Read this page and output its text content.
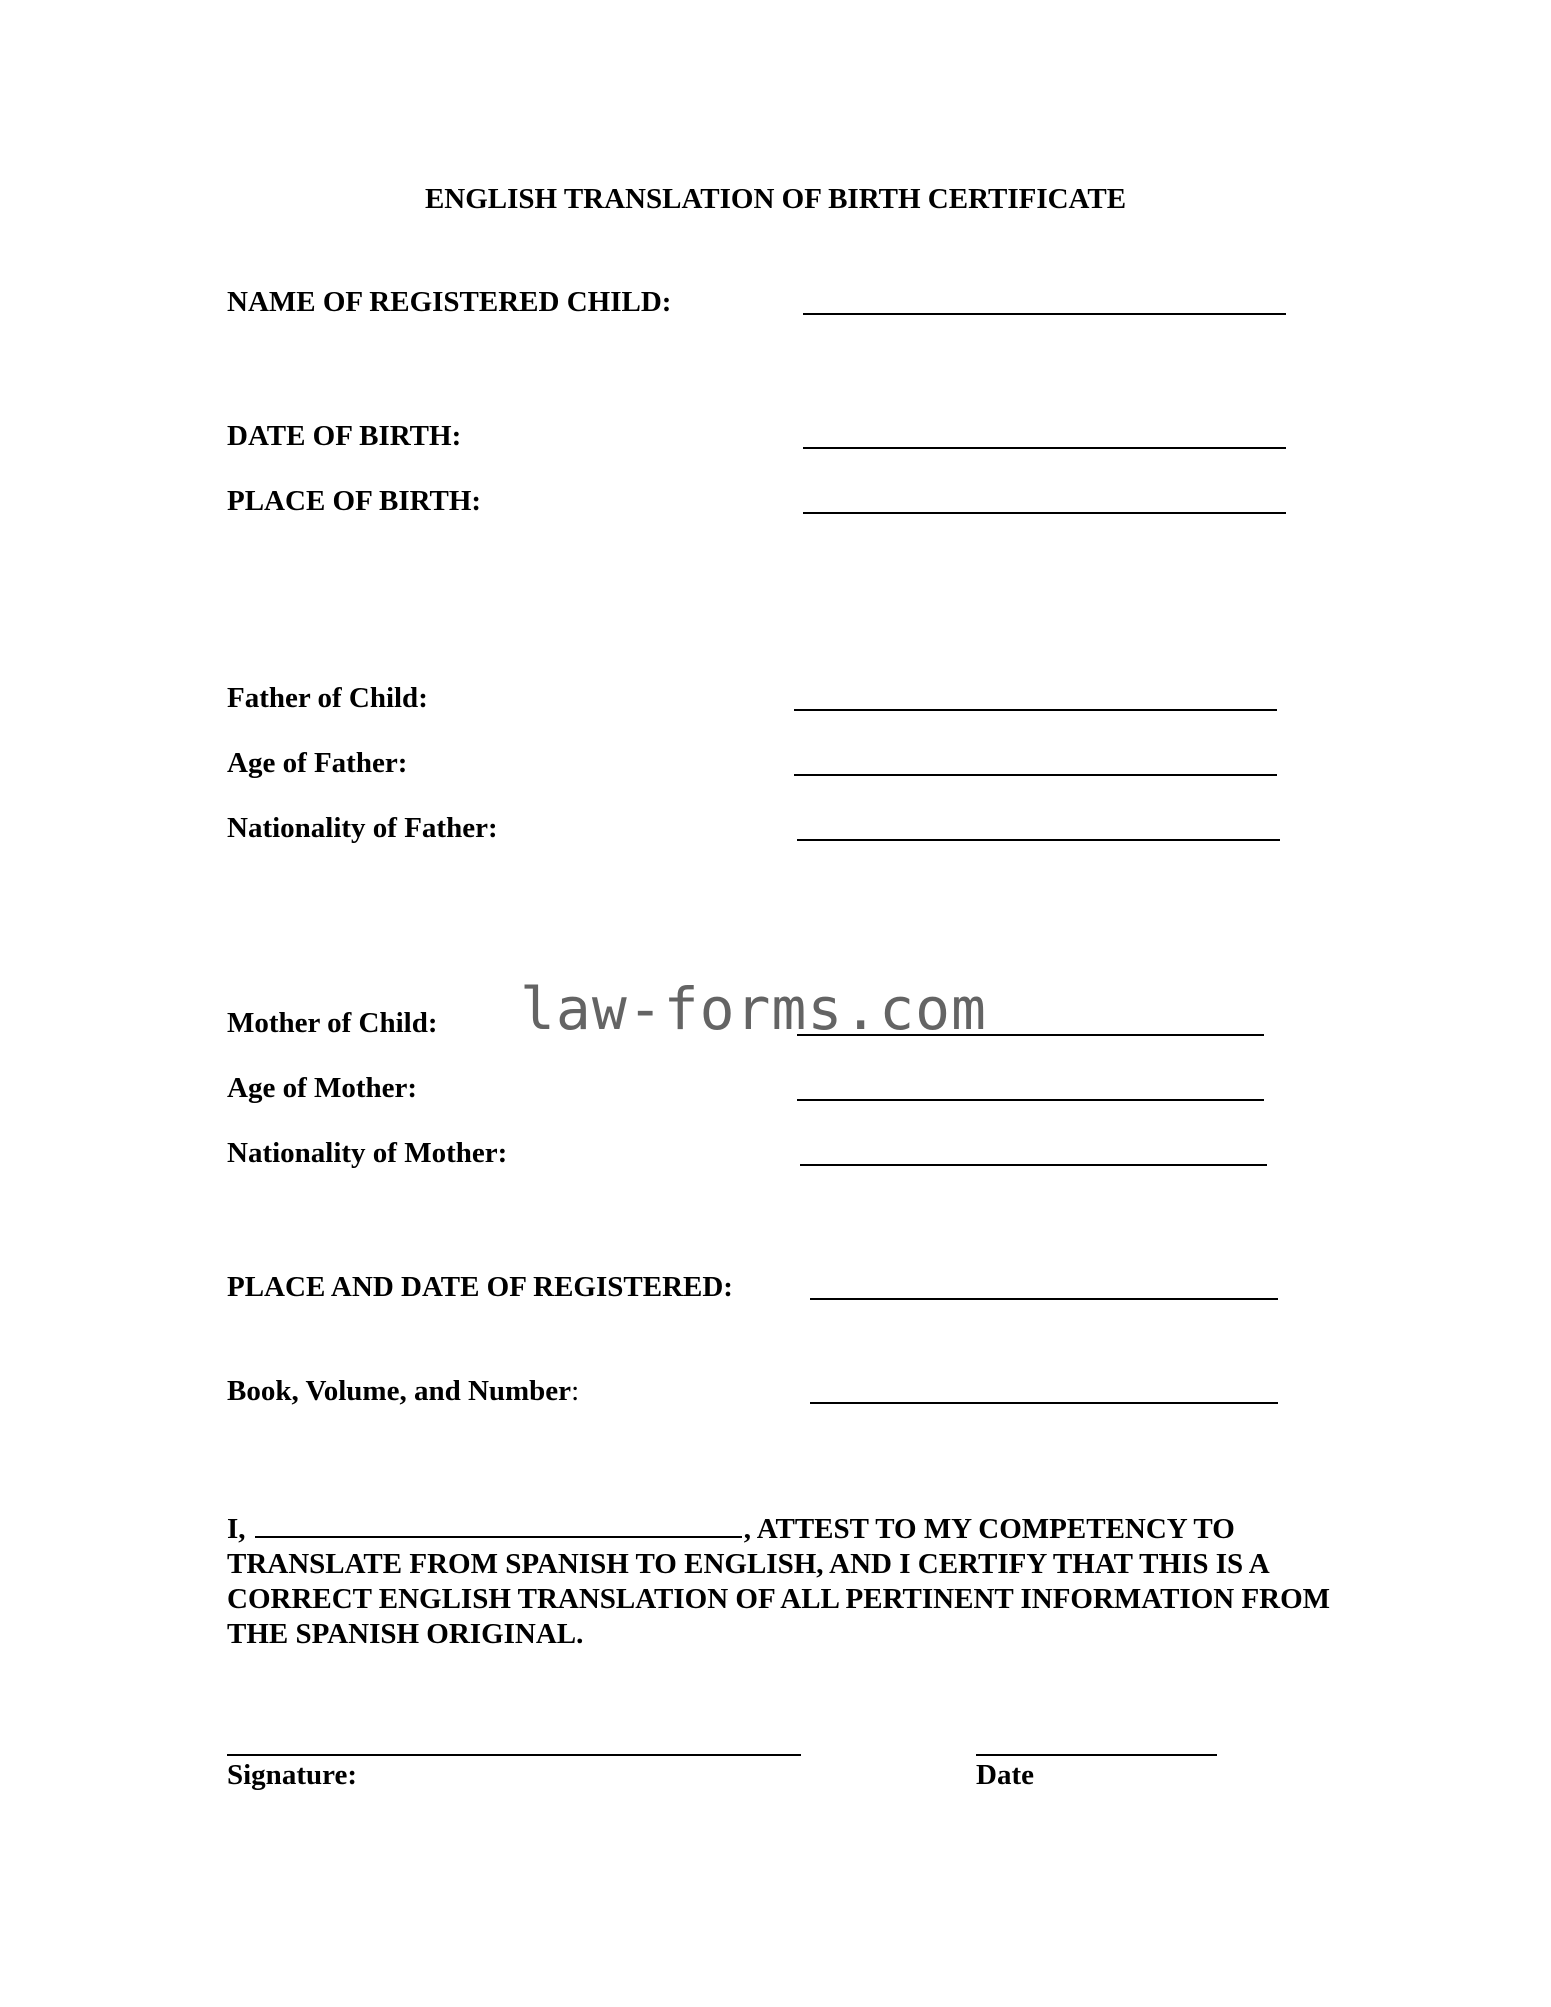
ENGLISH TRANSLATION OF BIRTH CERTIFICATE
NAME OF REGISTERED CHILD:
DATE OF BIRTH:
PLACE OF BIRTH:
Father of Child:
Age of Father:
Nationality of Father:
law-forms.com
Mother of Child:
Age of Mother:
Nationality of Mother:
PLACE AND DATE OF REGISTERED:
Book, Volume, and Number:
I,	, ATTEST TO MY COMPETENCY TO TRANSLATE FROM SPANISH TO ENGLISH, AND I CERTIFY THAT THIS IS A CORRECT ENGLISH TRANSLATION OF ALL PERTINENT INFORMATION FROM THE SPANISH ORIGINAL.
Signature:	Date
